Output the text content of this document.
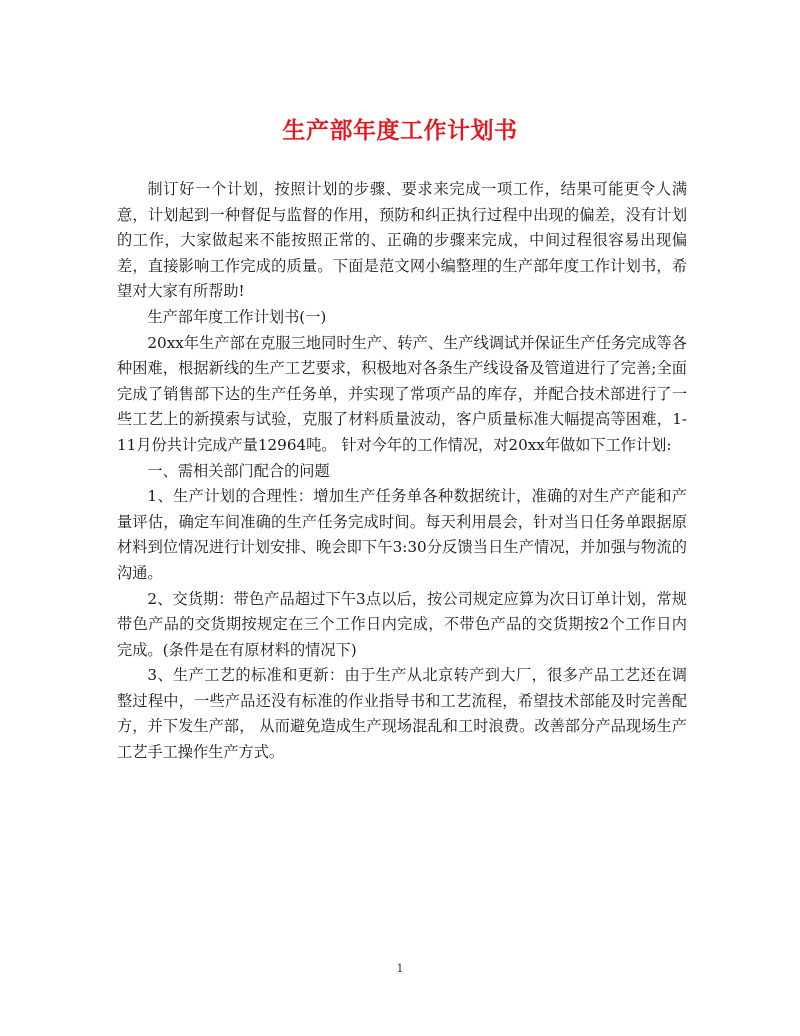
生产部年度工作计划书

制订好一个计划，按照计划的步骤、要求来完成一项工作，结果可能更令人满意，计划起到一种督促与监督的作用，预防和纠正执行过程中出现的偏差，没有计划的工作，大家做起来不能按照正常的、正确的步骤来完成，中间过程很容易出现偏差，直接影响工作完成的质量。下面是范文网小编整理的生产部年度工作计划书，希望对大家有所帮助!

生产部年度工作计划书(一)

20xx年生产部在克服三地同时生产、转产、生产线调试并保证生产任务完成等各种困难，根据新线的生产工艺要求，积极地对各条生产线设备及管道进行了完善;全面完成了销售部下达的生产任务单，并实现了常项产品的库存，并配合技术部进行了一些工艺上的新摸索与试验，克服了材料质量波动，客户质量标准大幅提高等困难，1-11月份共计完成产量12964吨。 针对今年的工作情况，对20xx年做如下工作计划:

一、需相关部门配合的问题

1、生产计划的合理性：增加生产任务单各种数据统计，准确的对生产产能和产量评估，确定车间准确的生产任务完成时间。每天利用晨会，针对当日任务单跟据原材料到位情况进行计划安排、晚会即下午3:30分反馈当日生产情况，并加强与物流的沟通。

2、交货期：带色产品超过下午3点以后，按公司规定应算为次日订单计划，常规带色产品的交货期按规定在三个工作日内完成，不带色产品的交货期按2个工作日内完成。(条件是在有原材料的情况下)

3、生产工艺的标准和更新：由于生产从北京转产到大厂，很多产品工艺还在调整过程中，一些产品还没有标准的作业指导书和工艺流程，希望技术部能及时完善配方，并下发生产部， 从而避免造成生产现场混乱和工时浪费。改善部分产品现场生产工艺手工操作生产方式。

1
